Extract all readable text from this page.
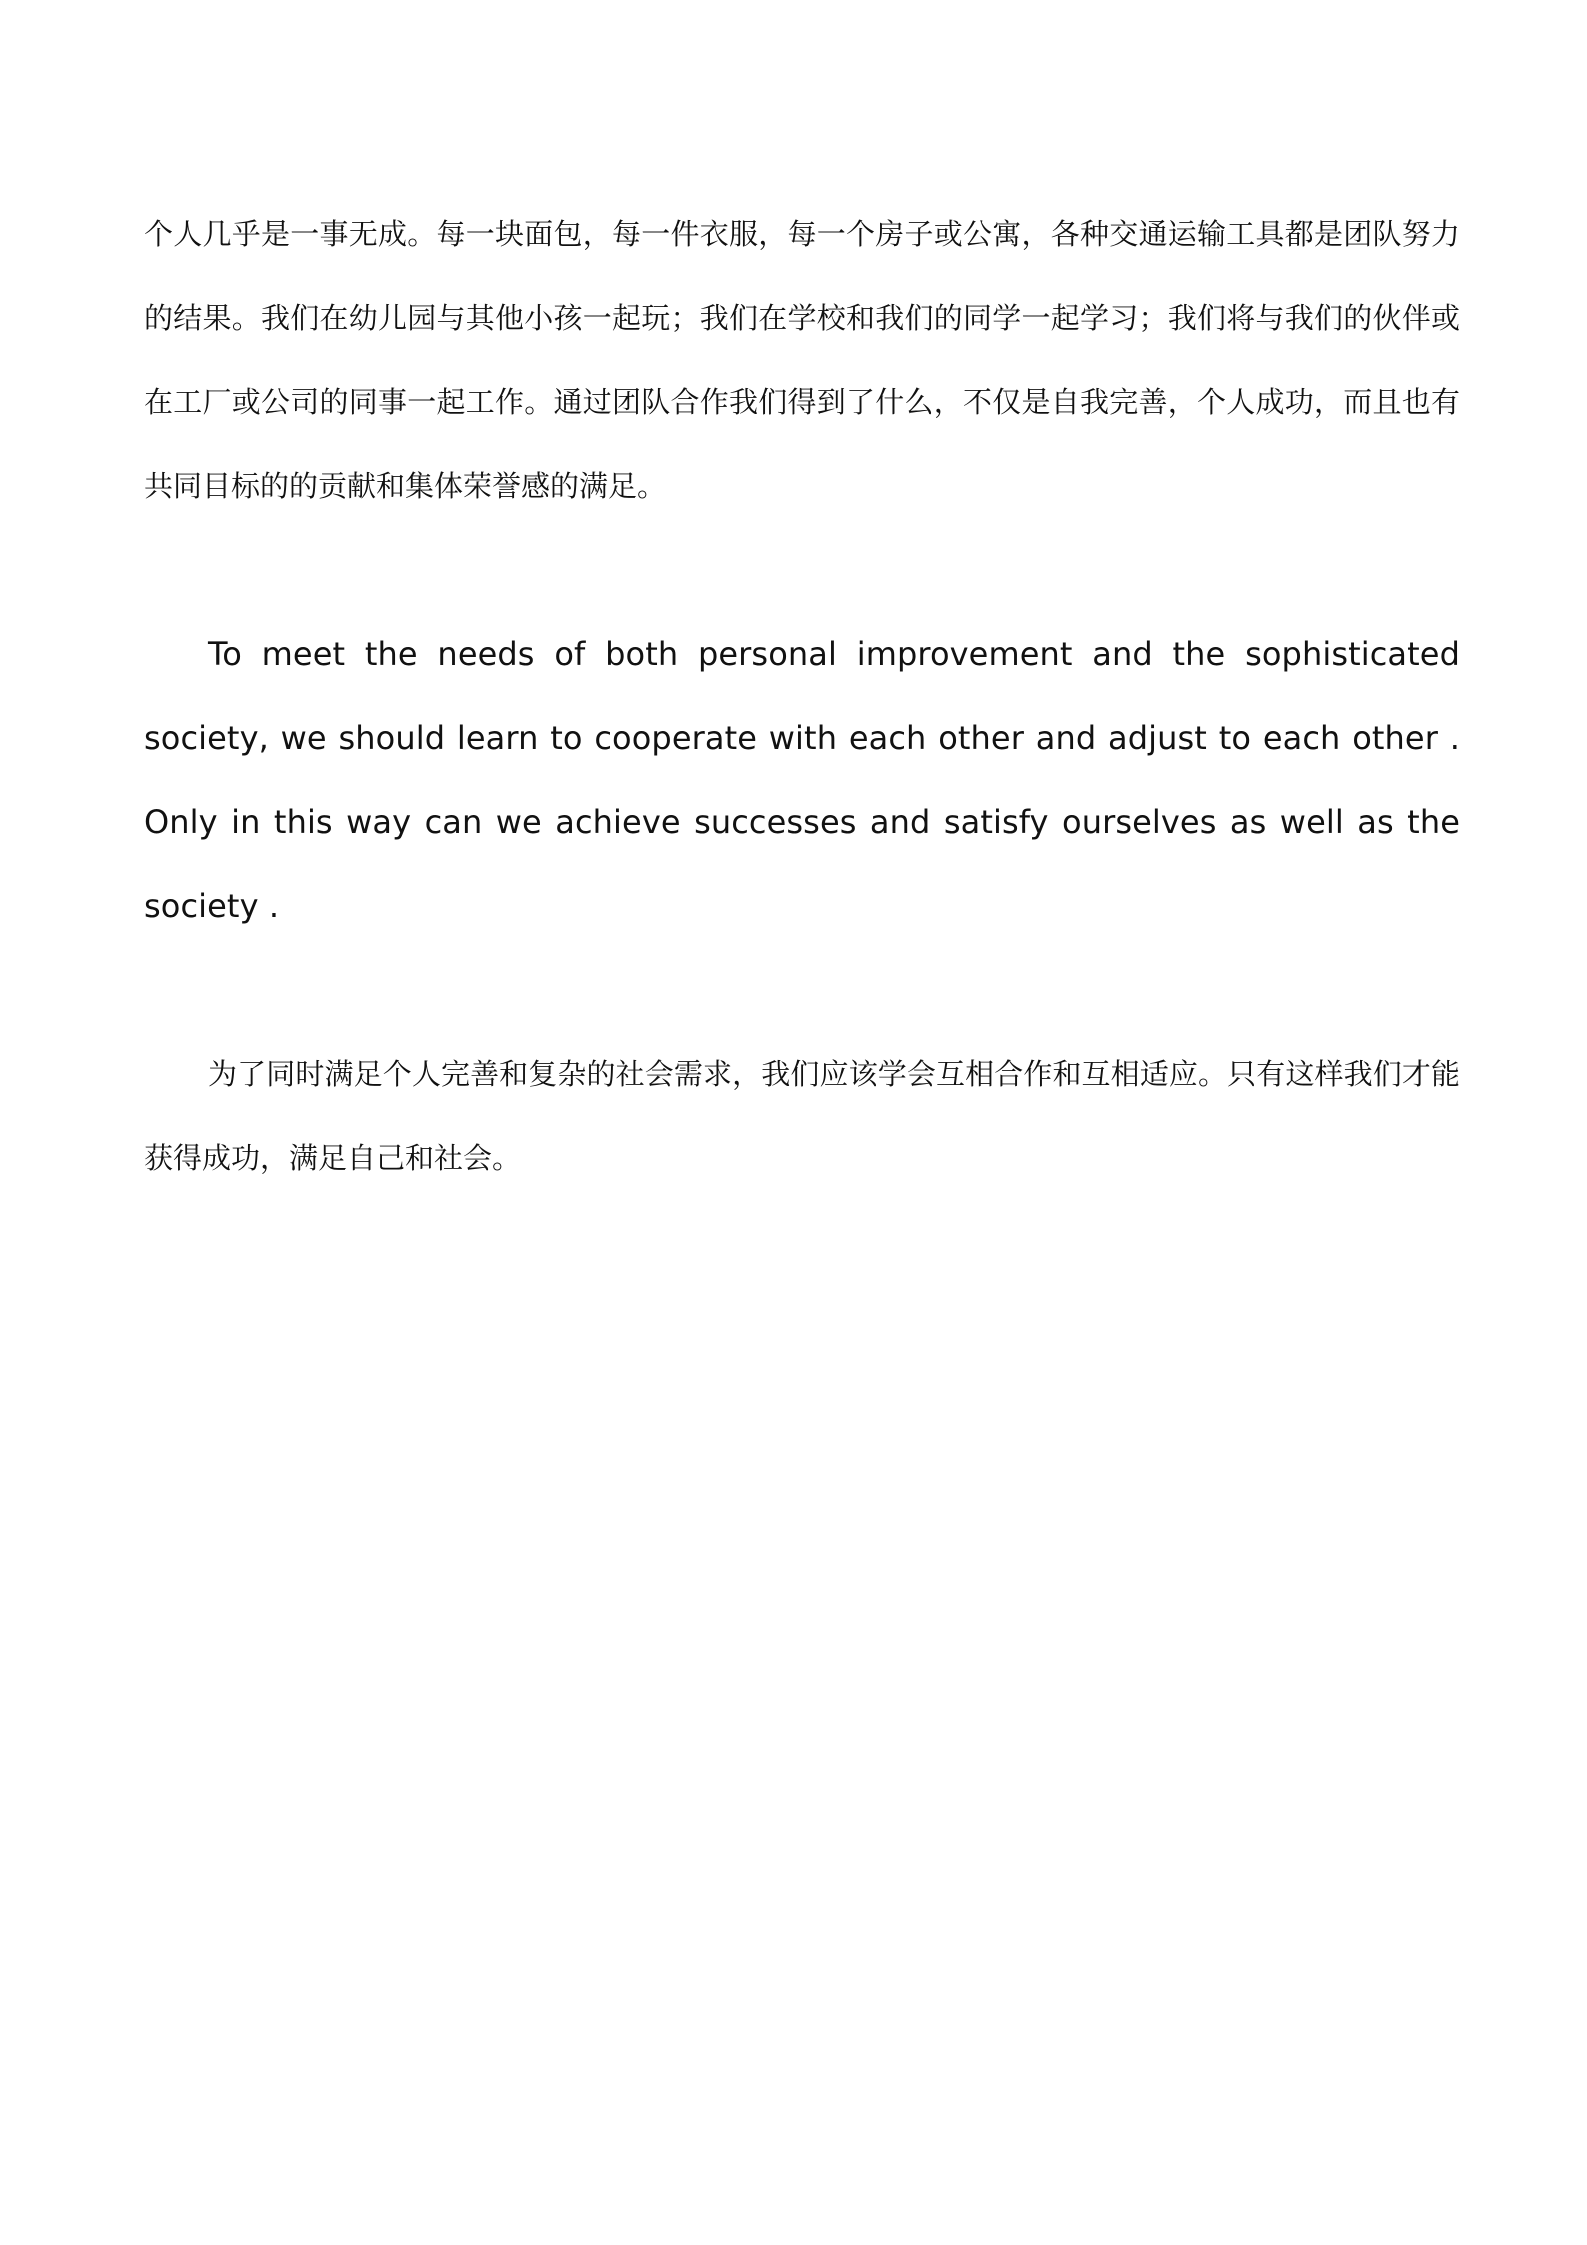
个人几乎是一事无成。每一块面包，每一件衣服，每一个房子或公寓，各种交通运输工具都是团队努力的结果。我们在幼儿园与其他小孩一起玩；我们在学校和我们的同学一起学习；我们将与我们的伙伴或在工厂或公司的同事一起工作。通过团队合作我们得到了什么，不仅是自我完善，个人成功，而且也有共同目标的的贡献和集体荣誉感的满足。

To meet the needs of both personal improvement and the sophisticated society, we should learn to cooperate with each other and adjust to each other . Only in this way can we achieve successes and satisfy ourselves as well as the society .

为了同时满足个人完善和复杂的社会需求，我们应该学会互相合作和互相适应。只有这样我们才能获得成功，满足自己和社会。
